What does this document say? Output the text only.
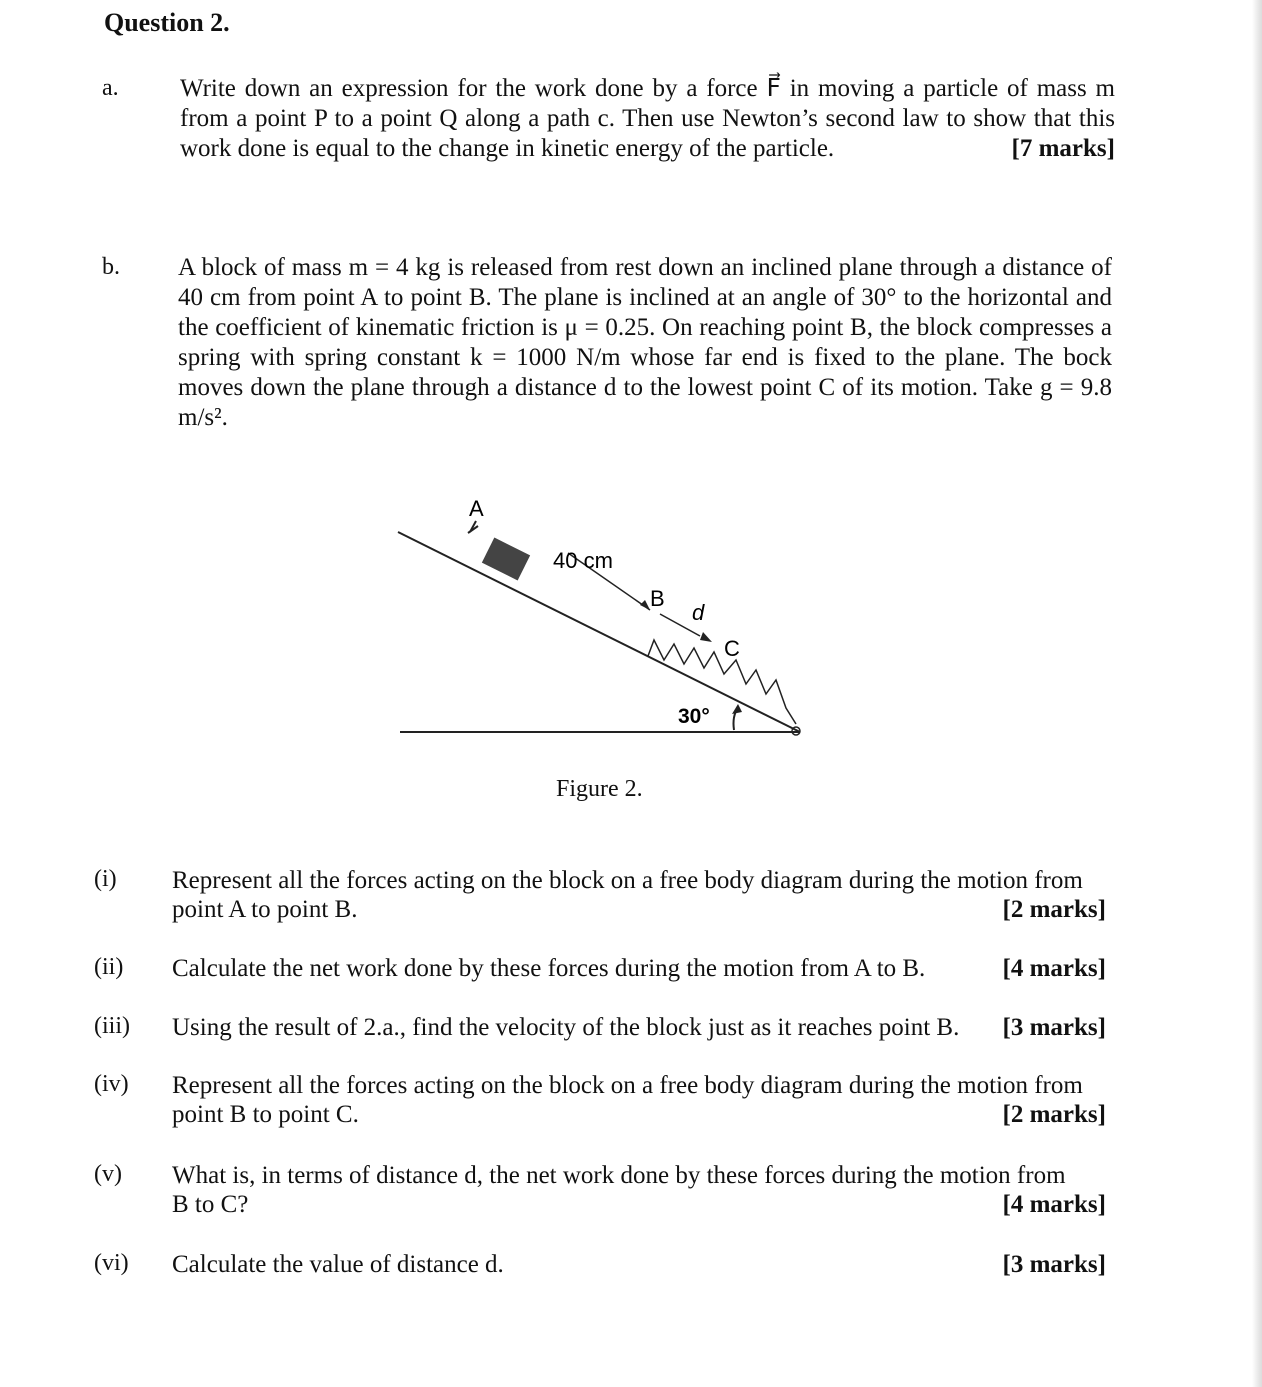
Question 2.
a. Write down an expression for the work done by a force F⃗ in moving a particle of mass m from a point P to a point Q along a path c. Then use Newton’s second law to show that this work done is equal to the change in kinetic energy of the particle.	[7 marks]
b. A block of mass m = 4 kg is released from rest down an inclined plane through a distance of 40 cm from point A to point B. The plane is inclined at an angle of 30° to the horizontal and the coefficient of kinematic friction is μ = 0.25. On reaching point B, the block compresses a spring with spring constant k = 1000 N/m whose far end is fixed to the plane. The bock moves down the plane through a distance d to the lowest point C of its motion. Take g = 9.8 m/s².
A
40 cm
B
d
C
30°
Figure 2.
(i) Represent all the forces acting on the block on a free body diagram during the motion from
point A to point B.	[2 marks]
(ii) Calculate the net work done by these forces during the motion from A to B.	[4 marks]
(iii) Using the result of 2.a., find the velocity of the block just as it reaches point B. [3 marks]
(iv) Represent all the forces acting on the block on a free body diagram during the motion from
point B to point C.	[2 marks]
(v) What is, in terms of distance d, the net work done by these forces during the motion from
B to C?	[4 marks]
(vi) Calculate the value of distance d.	[3 marks]
